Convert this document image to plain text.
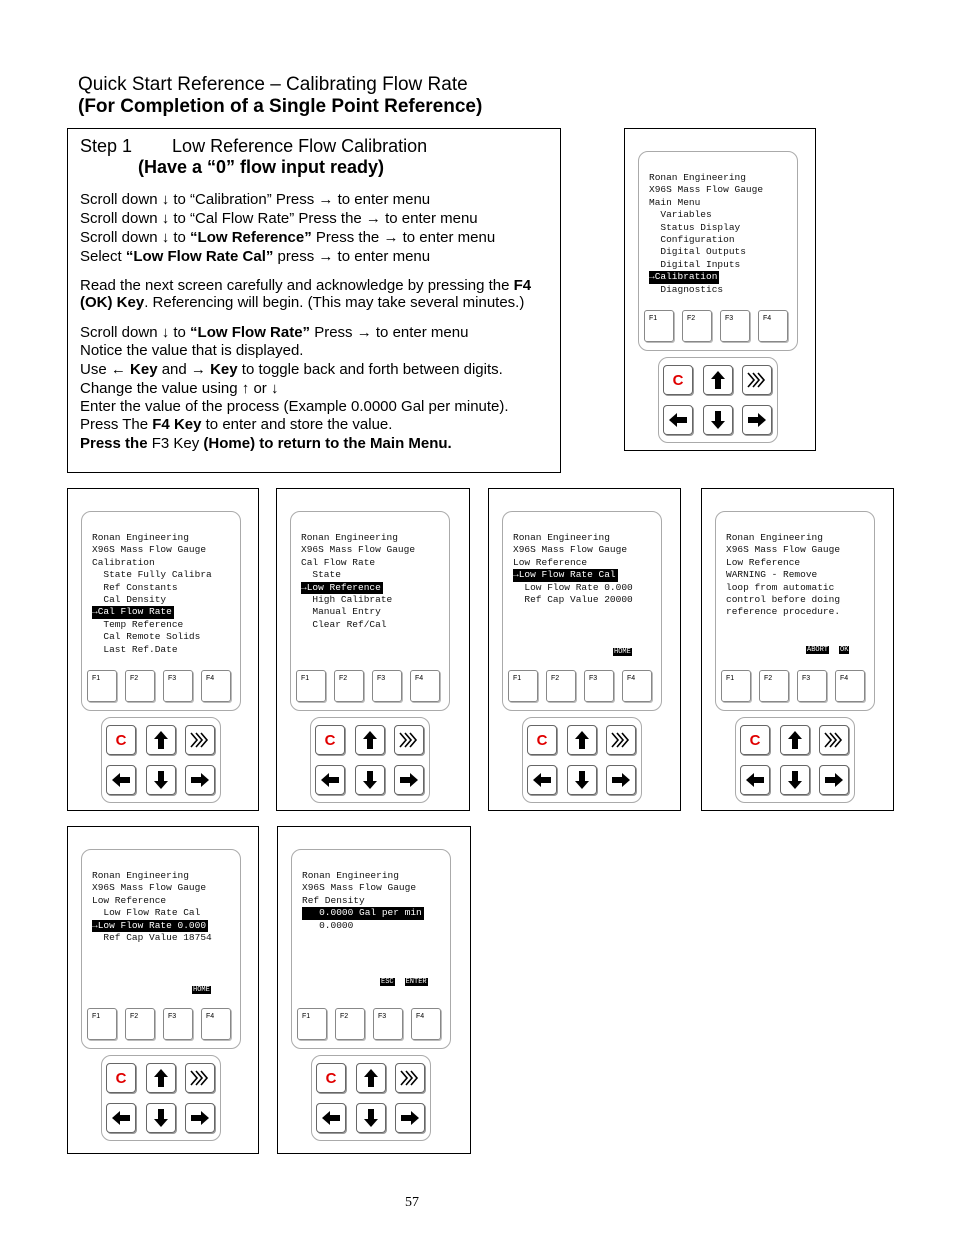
Quick Start Reference – Calibrating Flow Rate
(For Completion of a Single Point Reference)
Step 1        Low Reference Flow Calibration
(Have a “0” flow input ready)
Scroll down ↓ to “Calibration” Press → to enter menu
Scroll down ↓ to “Cal Flow Rate” Press the → to enter menu
Scroll down ↓ to “Low Reference” Press the → to enter menu
Select “Low Flow Rate Cal” press → to enter menu
Read the next screen carefully and acknowledge by pressing the F4
(OK) Key. Referencing will begin. (This may take several minutes.)
Scroll down ↓ to “Low Flow Rate” Press → to enter menu
Notice the value that is displayed.
Use ← Key and → Key to toggle back and forth between digits.
Change the value using ↑ or ↓
Enter the value of the process (Example 0.0000 Gal per minute).
Press The F4 Key to enter and store the value.
Press the F3 Key (Home) to return to the Main Menu.
Ronan Engineering
X96S Mass Flow Gauge
Main Menu
Variables
Status Display
Configuration
Digital Outputs
Digital Inputs
→Calibration
Diagnostics
F1	F2	F3	F4
C
Ronan Engineering
X96S Mass Flow Gauge
Calibration
State Fully Calibra
Ref Constants
Cal Density
→Cal Flow Rate
Temp Reference
Cal Remote Solids
Last Ref.Date
F1	F2	F3	F4
C
Ronan Engineering
X96S Mass Flow Gauge
Cal Flow Rate
State
→Low Reference
High Calibrate
Manual Entry
Clear Ref/Cal
F1	F2	F3	F4
C
Ronan Engineering
X96S Mass Flow Gauge
Low Reference
→Low Flow Rate Cal
Low Flow Rate 0.000
Ref Cap Value 20000
HOME
F1	F2	F3	F4
C
Ronan Engineering
X96S Mass Flow Gauge
Low Reference
WARNING - Remove
loop from automatic
control before doing
reference procedure.
ABORT OK
F1	F2	F3	F4
C
Ronan Engineering
X96S Mass Flow Gauge
Low Reference
Low Flow Rate Cal
→Low Flow Rate 0.000
Ref Cap Value 18754
HOME
F1	F2	F3	F4
C
Ronan Engineering
X96S Mass Flow Gauge
Ref Density
0.0000 Gal per min
0.0000
ESC ENTER
F1	F2	F3	F4
C
57
